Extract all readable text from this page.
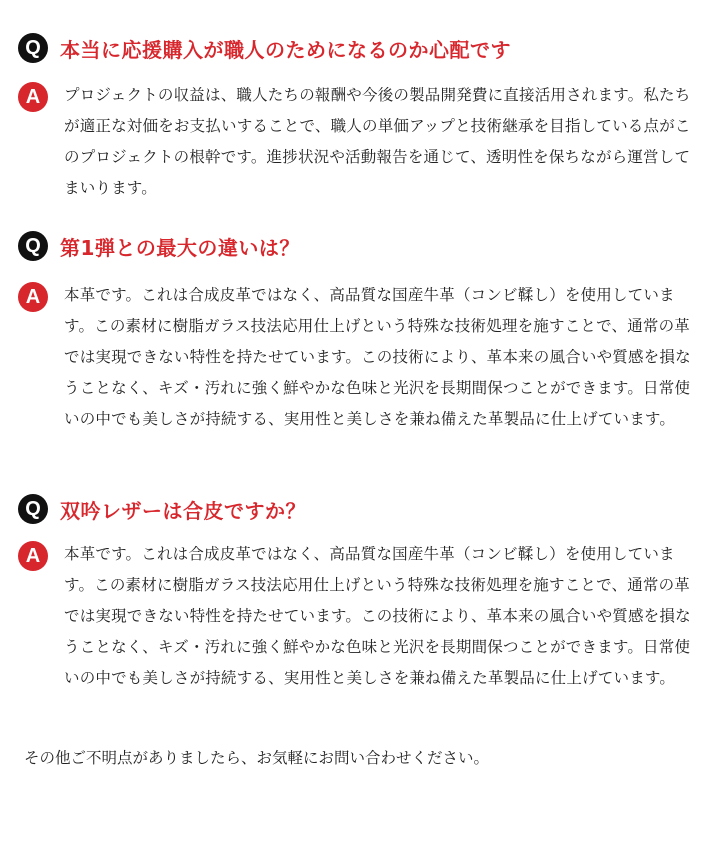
Q 本当に応援購入が職人のためになるのか心配です
A	プロジェクトの収益は、職人たちの報酬や今後の製品開発費に直接活用されます。私たちが適正な対価をお支払いすることで、職人の単価アップと技術継承を目指している点がこのプロジェクトの根幹です。進捗状況や活動報告を通じて、透明性を保ちながら運営してまいります。
Q 第1弾との最大の違いは？
A	本革です。これは合成皮革ではなく、高品質な国産牛革（コンビ鞣し）を使用しています。この素材に樹脂ガラス技法応用仕上げという特殊な技術処理を施すことで、通常の革では実現できない特性を持たせています。この技術により、革本来の風合いや質感を損なうことなく、キズ・汚れに強く鮮やかな色味と光沢を長期間保つことができます。日常使いの中でも美しさが持続する、実用性と美しさを兼ね備えた革製品に仕上げています。
Q 双吟レザーは合皮ですか？
A	本革です。これは合成皮革ではなく、高品質な国産牛革（コンビ鞣し）を使用しています。この素材に樹脂ガラス技法応用仕上げという特殊な技術処理を施すことで、通常の革では実現できない特性を持たせています。この技術により、革本来の風合いや質感を損なうことなく、キズ・汚れに強く鮮やかな色味と光沢を長期間保つことができます。日常使いの中でも美しさが持続する、実用性と美しさを兼ね備えた革製品に仕上げています。
その他ご不明点がありましたら、お気軽にお問い合わせください。
